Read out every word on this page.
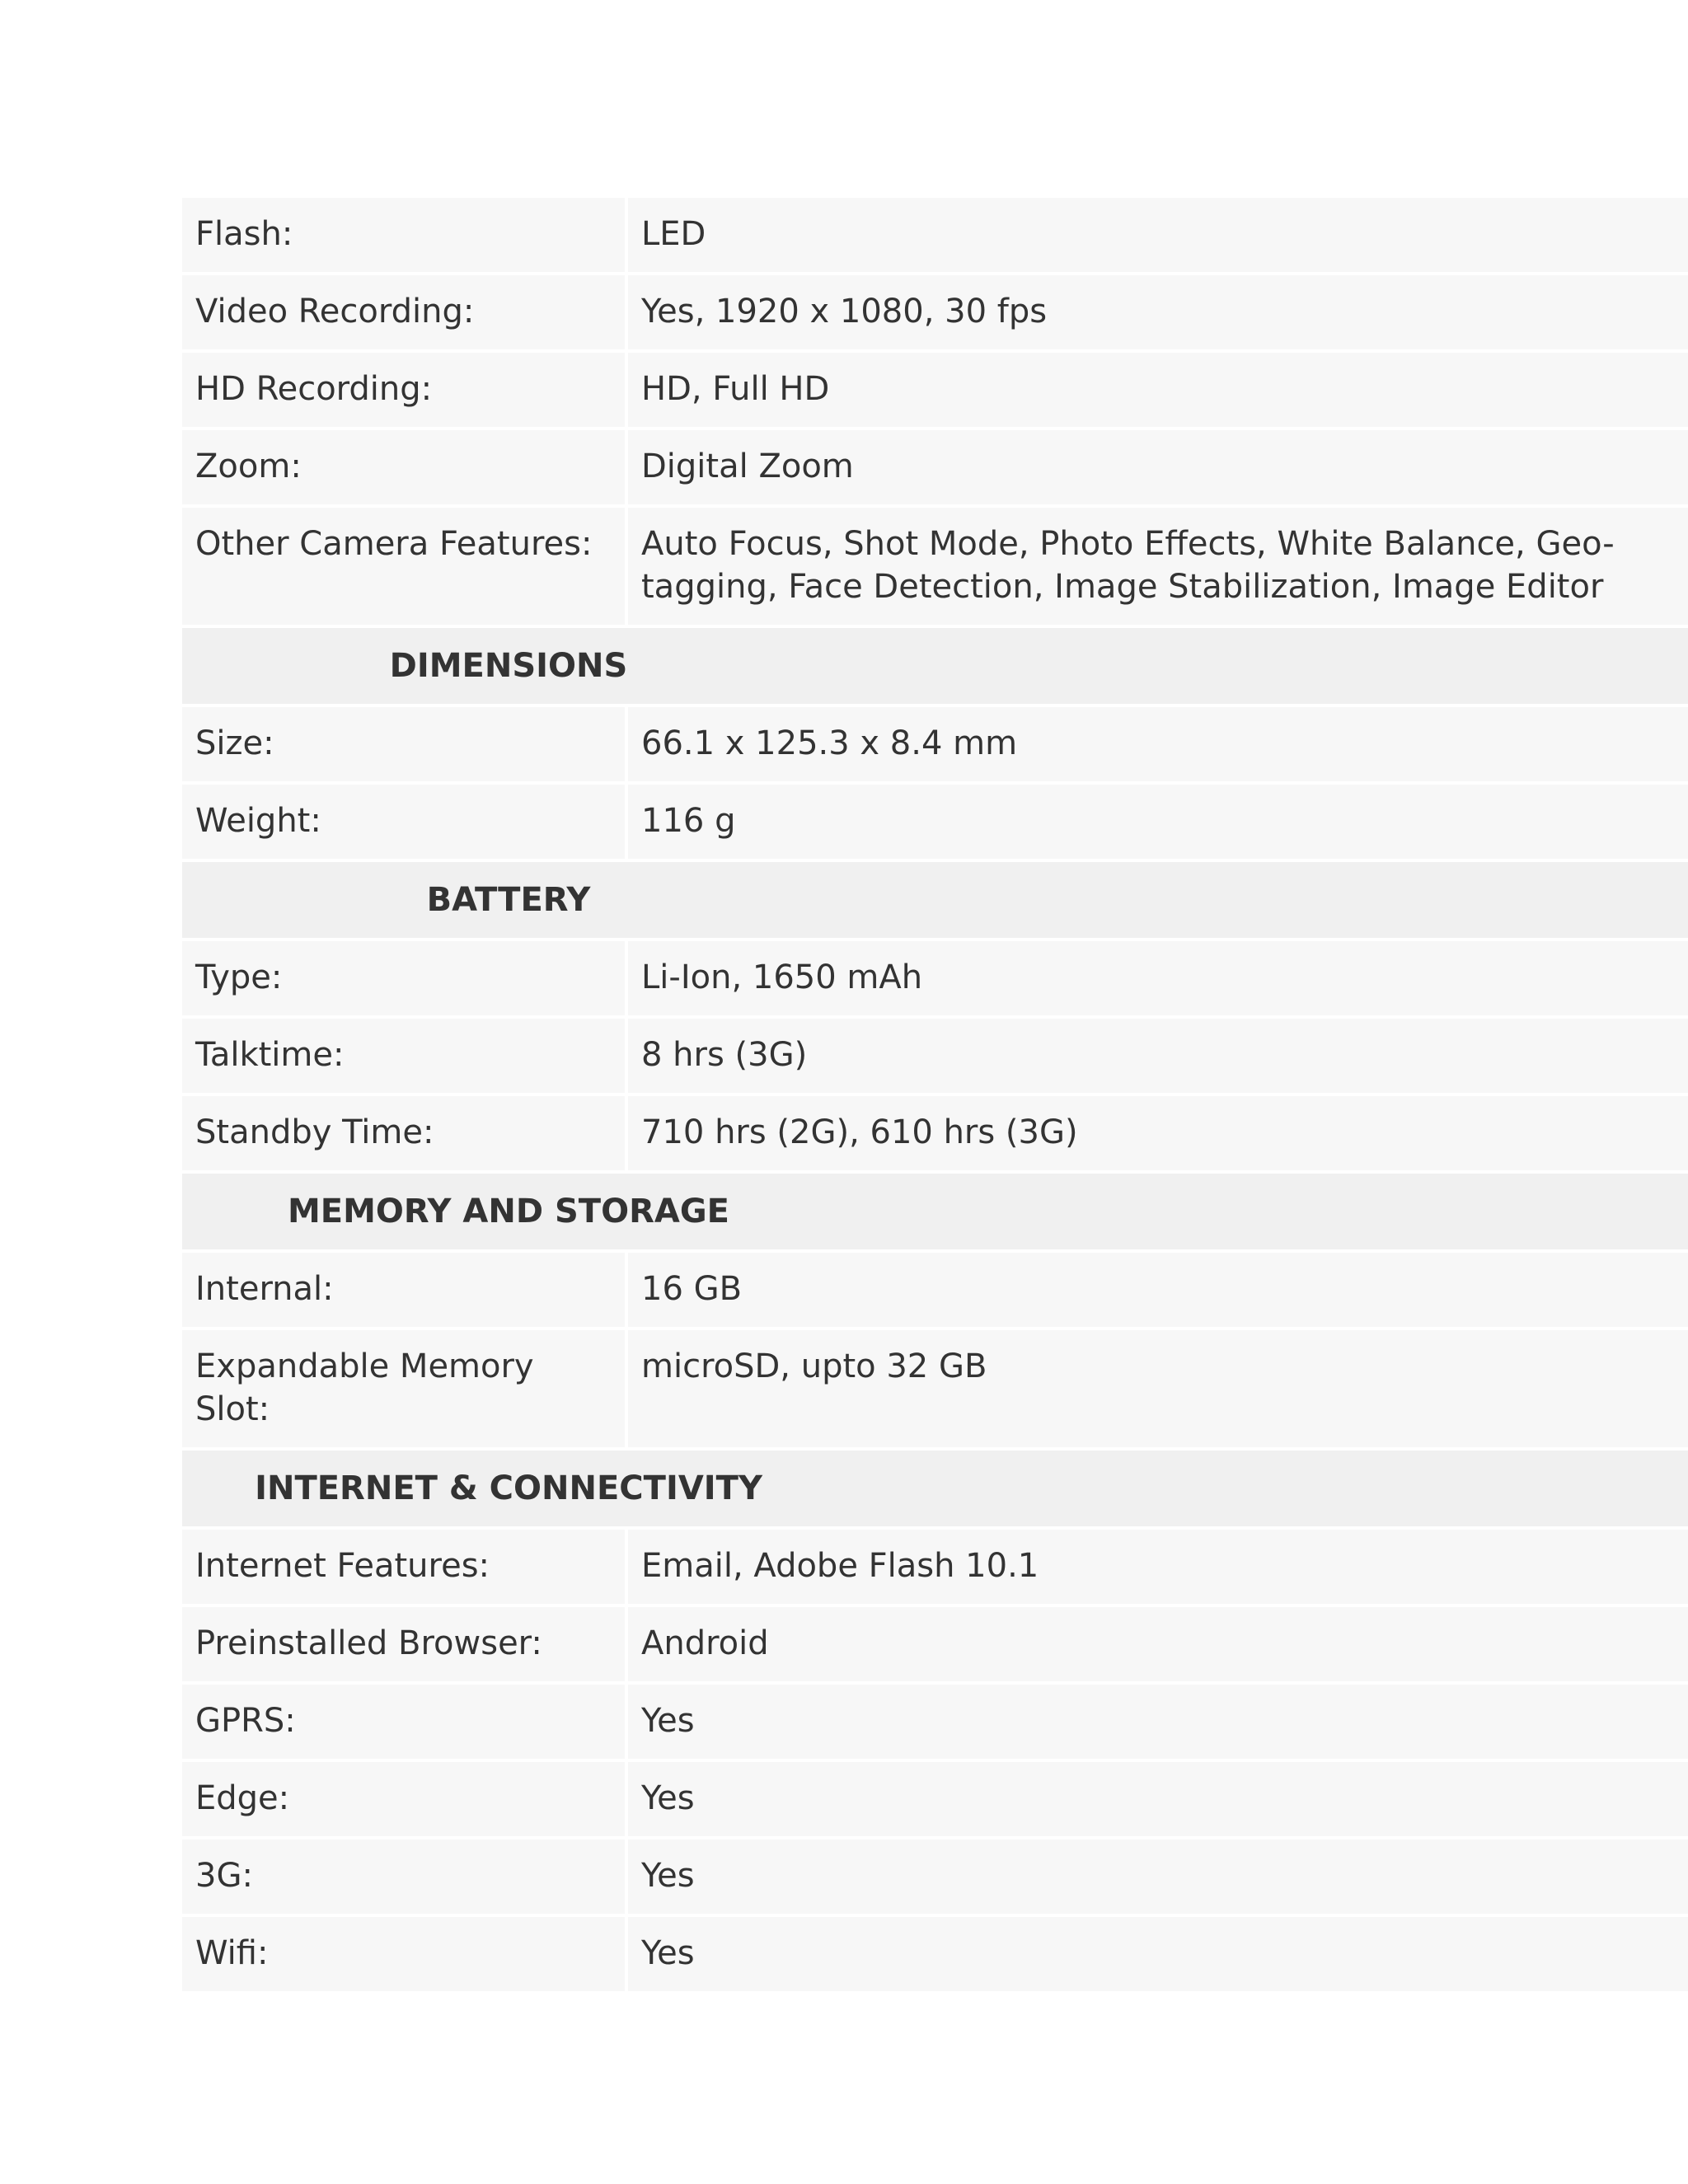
Flash:	LED
Video Recording:	Yes, 1920 x 1080, 30 fps
HD Recording:	HD, Full HD
Zoom:	Digital Zoom
Other Camera Features:	Auto Focus, Shot Mode, Photo Effects, White Balance, Geo-tagging, Face Detection, Image Stabilization, Image Editor
DIMENSIONS	
Size:	66.1 x 125.3 x 8.4 mm
Weight:	116 g
BATTERY	
Type:	Li-Ion, 1650 mAh
Talktime:	8 hrs (3G)
Standby Time:	710 hrs (2G), 610 hrs (3G)
MEMORY AND STORAGE	
Internal:	16 GB
Expandable Memory Slot:	microSD, upto 32 GB
INTERNET & CONNECTIVITY	
Internet Features:	Email, Adobe Flash 10.1
Preinstalled Browser:	Android
GPRS:	Yes
Edge:	Yes
3G:	Yes
Wifi:	Yes
